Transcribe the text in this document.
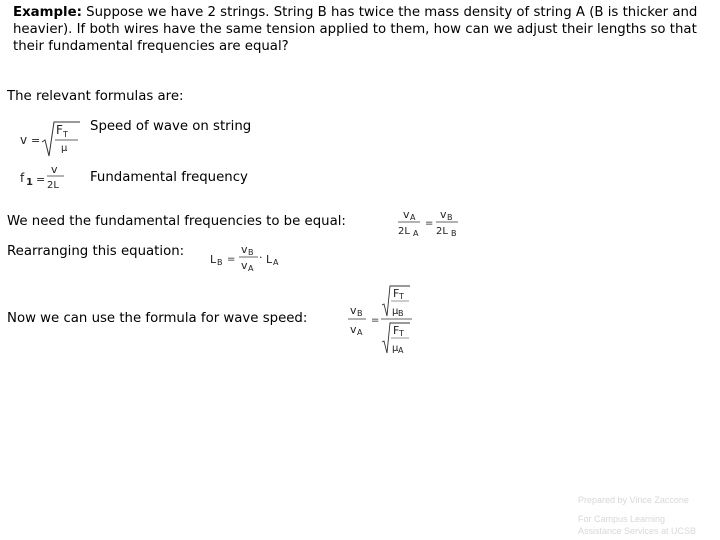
Example: Suppose we have 2 strings. String B has twice the mass density of string A (B is thicker and heavier). If both wires have the same tension applied to them, how can we adjust their lengths so that their fundamental frequencies are equal?
The relevant formulas are:
v =
F T
μ
Speed of wave on string
f 1 =
v
2L
Fundamental frequency
We need the fundamental frequencies to be equal:	v A
2L A
=
v B
2L B
Rearranging this equation:
L B =
v B
v A
· L A
Now we can use the formula for wave speed:
v B
v A
=
F T
μ B
F T
μ A
Prepared by Vince Zaccone
For Campus Learning
Assistance Services at UCSB
